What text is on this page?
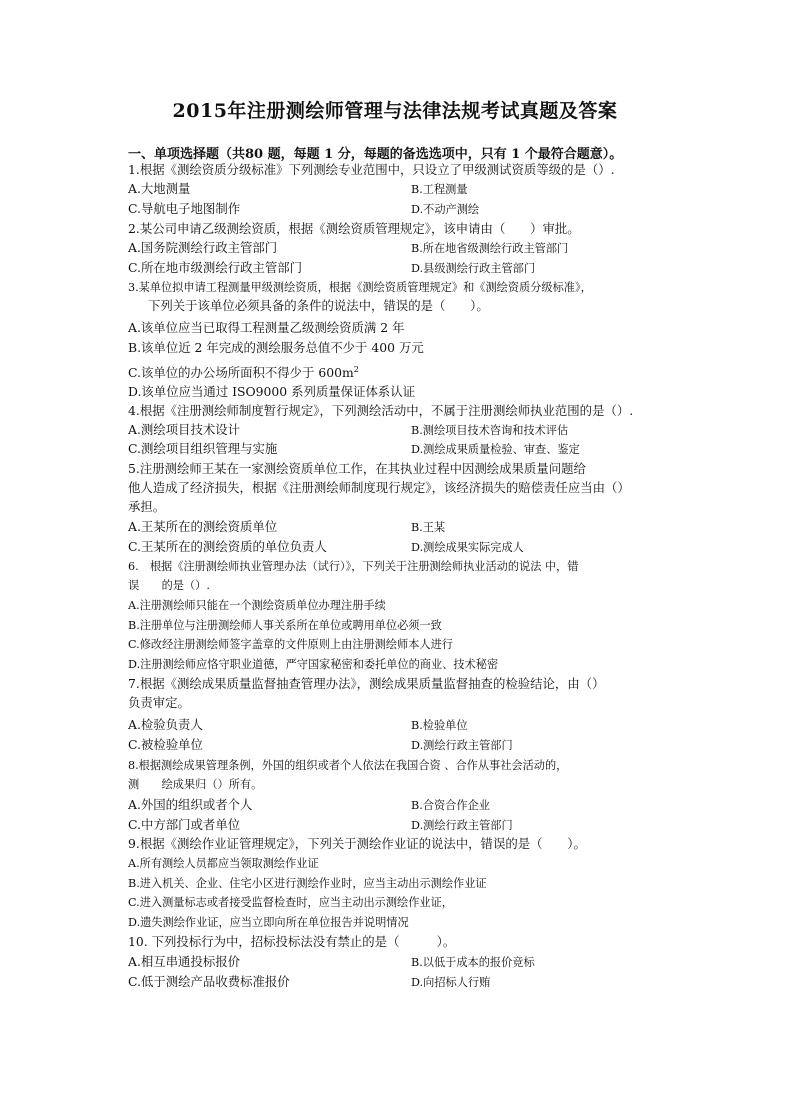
2015年注册测绘师管理与法律法规考试真题及答案
一、单项选择题（共80 题，每题 1 分，每题的备选选项中，只有 1 个最符合题意）。
1.根据《测绘资质分级标准》下列测绘专业范围中，只设立了甲级测试资质等级的是（）.
A.大地测量	B.工程测量
C.导航电子地图制作	D.不动产测绘
2.某公司申请乙级测绘资质，根据《测绘资质管理规定》，该申请由（　　）审批。
A.国务院测绘行政主管部门	B.所在地省级测绘行政主管部门
C.所在地市级测绘行政主管部门	D.县级测绘行政主管部门
3.某单位拟申请工程测量甲级测绘资质，根据《测绘资质管理规定》和《测绘资质分级标准》，
下列关于该单位必须具备的条件的说法中，错误的是（　　）。
A.该单位应当已取得工程测量乙级测绘资质满 2 年
B.该单位近 2 年完成的测绘服务总值不少于 400 万元
C.该单位的办公场所面积不得少于 $600m^2$
D.该单位应当通过 ISO9000 系列质量保证体系认证
4.根据《注册测绘师制度暂行规定》，下列测绘活动中，不属于注册测绘师执业范围的是（）.
A.测绘项目技术设计	B.测绘项目技术咨询和技术评估
C.测绘项目组织管理与实施	D.测绘成果质量检验、审查、鉴定
5.注册测绘师王某在一家测绘资质单位工作，在其执业过程中因测绘成果质量问题给
他人造成了经济损失，根据《注册测绘师制度现行规定》，该经济损失的赔偿责任应当由（）
承担。
A.王某所在的测绘资质单位	B.王某
C.王某所在的测绘资质的单位负责人	D.测绘成果实际完成人
6.　根据《注册测绘师执业管理办法（试行）》，下列关于注册测绘师执业活动的说法 中，错
误　　的是（）.
A.注册测绘师只能在一个测绘资质单位办理注册手续
B.注册单位与注册测绘师人事关系所在单位或聘用单位必须一致
C.修改经注册测绘师签字盖章的文件原则上由注册测绘师本人进行
D.注册测绘师应恪守职业道德，严守国家秘密和委托单位的商业、技术秘密
7.根据《测绘成果质量监督抽查管理办法》，测绘成果质量监督抽查的检验结论，由（）
负责审定。
A.检验负责人	B.检验单位
C.被检验单位	D.测绘行政主管部门
8.根据测绘成果管理条例，外国的组织或者个人依法在我国合资 、合作从事社会活动的，
测　　绘成果归（）所有。
A.外国的组织或者个人	B.合资合作企业
C.中方部门或者单位	D.测绘行政主管部门
9.根据《测绘作业证管理规定》，下列关于测绘作业证的说法中，错误的是（　　）。
A.所有测绘人员都应当领取测绘作业证
B.进入机关、企业、住宅小区进行测绘作业时，应当主动出示测绘作业证
C.进入测量标志或者接受监督检查时，应当主动出示测绘作业证，
D.遗失测绘作业证，应当立即向所在单位报告并说明情况
10. 下列投标行为中，招标投标法没有禁止的是（　　　）。
A.相互串通投标报价	B.以低于成本的报价竞标
C.低于测绘产品收费标准报价	D.向招标人行贿
